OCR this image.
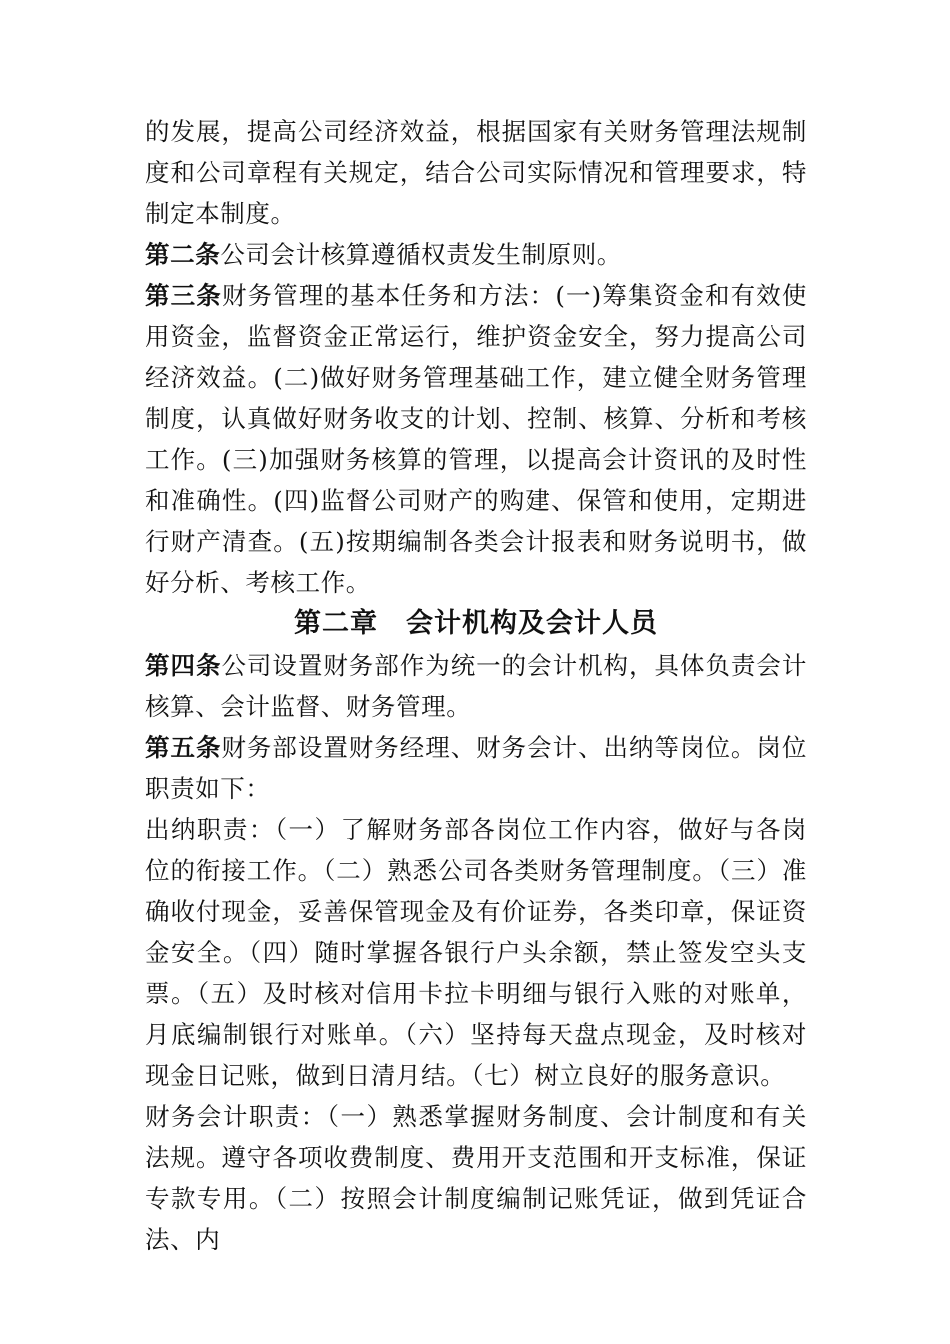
的发展，提高公司经济效益，根据国家有关财务管理法规制度和公司章程有关规定，结合公司实际情况和管理要求，特制定本制度。

第二条公司会计核算遵循权责发生制原则。

第三条财务管理的基本任务和方法：(一)筹集资金和有效使用资金，监督资金正常运行，维护资金安全，努力提高公司经济效益。(二)做好财务管理基础工作，建立健全财务管理制度，认真做好财务收支的计划、控制、核算、分析和考核工作。(三)加强财务核算的管理，以提高会计资讯的及时性和准确性。(四)监督公司财产的购建、保管和使用，定期进行财产清查。(五)按期编制各类会计报表和财务说明书，做好分析、考核工作。

第二章 会计机构及会计人员

第四条公司设置财务部作为统一的会计机构，具体负责会计核算、会计监督、财务管理。

第五条财务部设置财务经理、财务会计、出纳等岗位。岗位职责如下：

出纳职责：（一）了解财务部各岗位工作内容，做好与各岗位的衔接工作。（二）熟悉公司各类财务管理制度。（三）准确收付现金，妥善保管现金及有价证券，各类印章，保证资金安全。（四）随时掌握各银行户头余额，禁止签发空头支票。（五）及时核对信用卡拉卡明细与银行入账的对账单，月底编制银行对账单。（六）坚持每天盘点现金，及时核对现金日记账，做到日清月结。（七）树立良好的服务意识。

财务会计职责：（一）熟悉掌握财务制度、会计制度和有关法规。遵守各项收费制度、费用开支范围和开支标准，保证专款专用。（二）按照会计制度编制记账凭证，做到凭证合法、内
